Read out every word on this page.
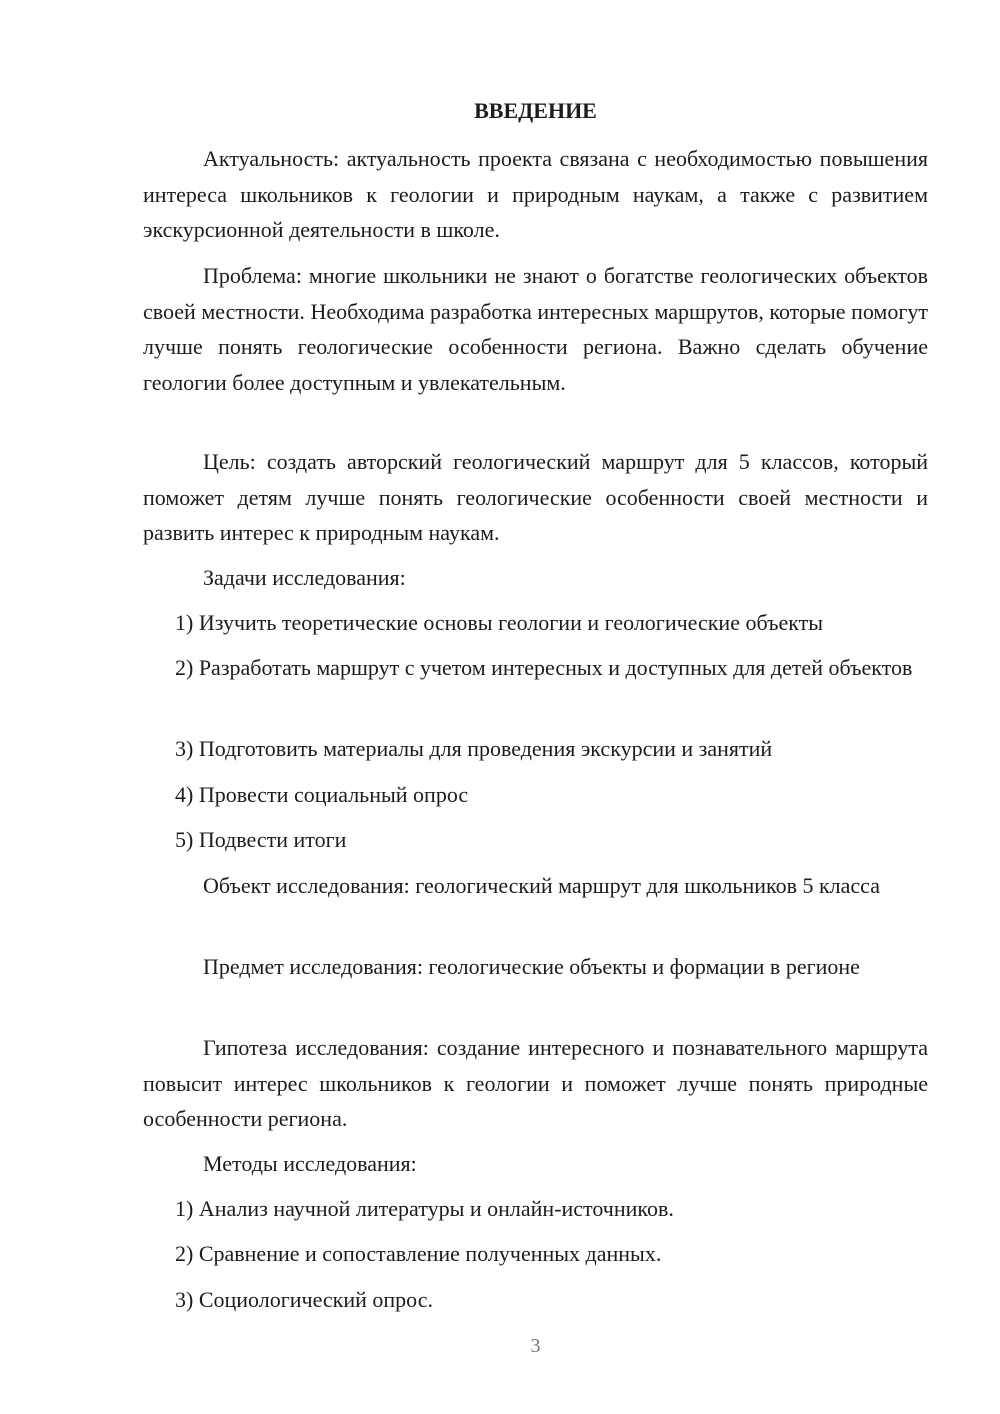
ВВЕДЕНИЕ

Актуальность: актуальность проекта связана с необходимостью повышения интереса школьников к геологии и природным наукам, а также с развитием экскурсионной деятельности в школе.

Проблема: многие школьники не знают о богатстве геологических объектов своей местности. Необходима разработка интересных маршрутов, которые помогут лучше понять геологические особенности региона. Важно сделать обучение геологии более доступным и увлекательным.

Цель: создать авторский геологический маршрут для 5 классов, который поможет детям лучше понять геологические особенности своей местности и развить интерес к природным наукам.

Задачи исследования:

1) Изучить теоретические основы геологии и геологические объекты

2) Разработать маршрут с учетом интересных и доступных для детей объектов

3) Подготовить материалы для проведения экскурсии и занятий

4) Провести социальный опрос

5) Подвести итоги

Объект исследования: геологический маршрут для школьников 5 класса

Предмет исследования: геологические объекты и формации в регионе

Гипотеза исследования: создание интересного и познавательного маршрута повысит интерес школьников к геологии и поможет лучше понять природные особенности региона.

Методы исследования:

1) Анализ научной литературы и онлайн-источников.

2) Сравнение и сопоставление полученных данных.

3) Социологический опрос.

3
